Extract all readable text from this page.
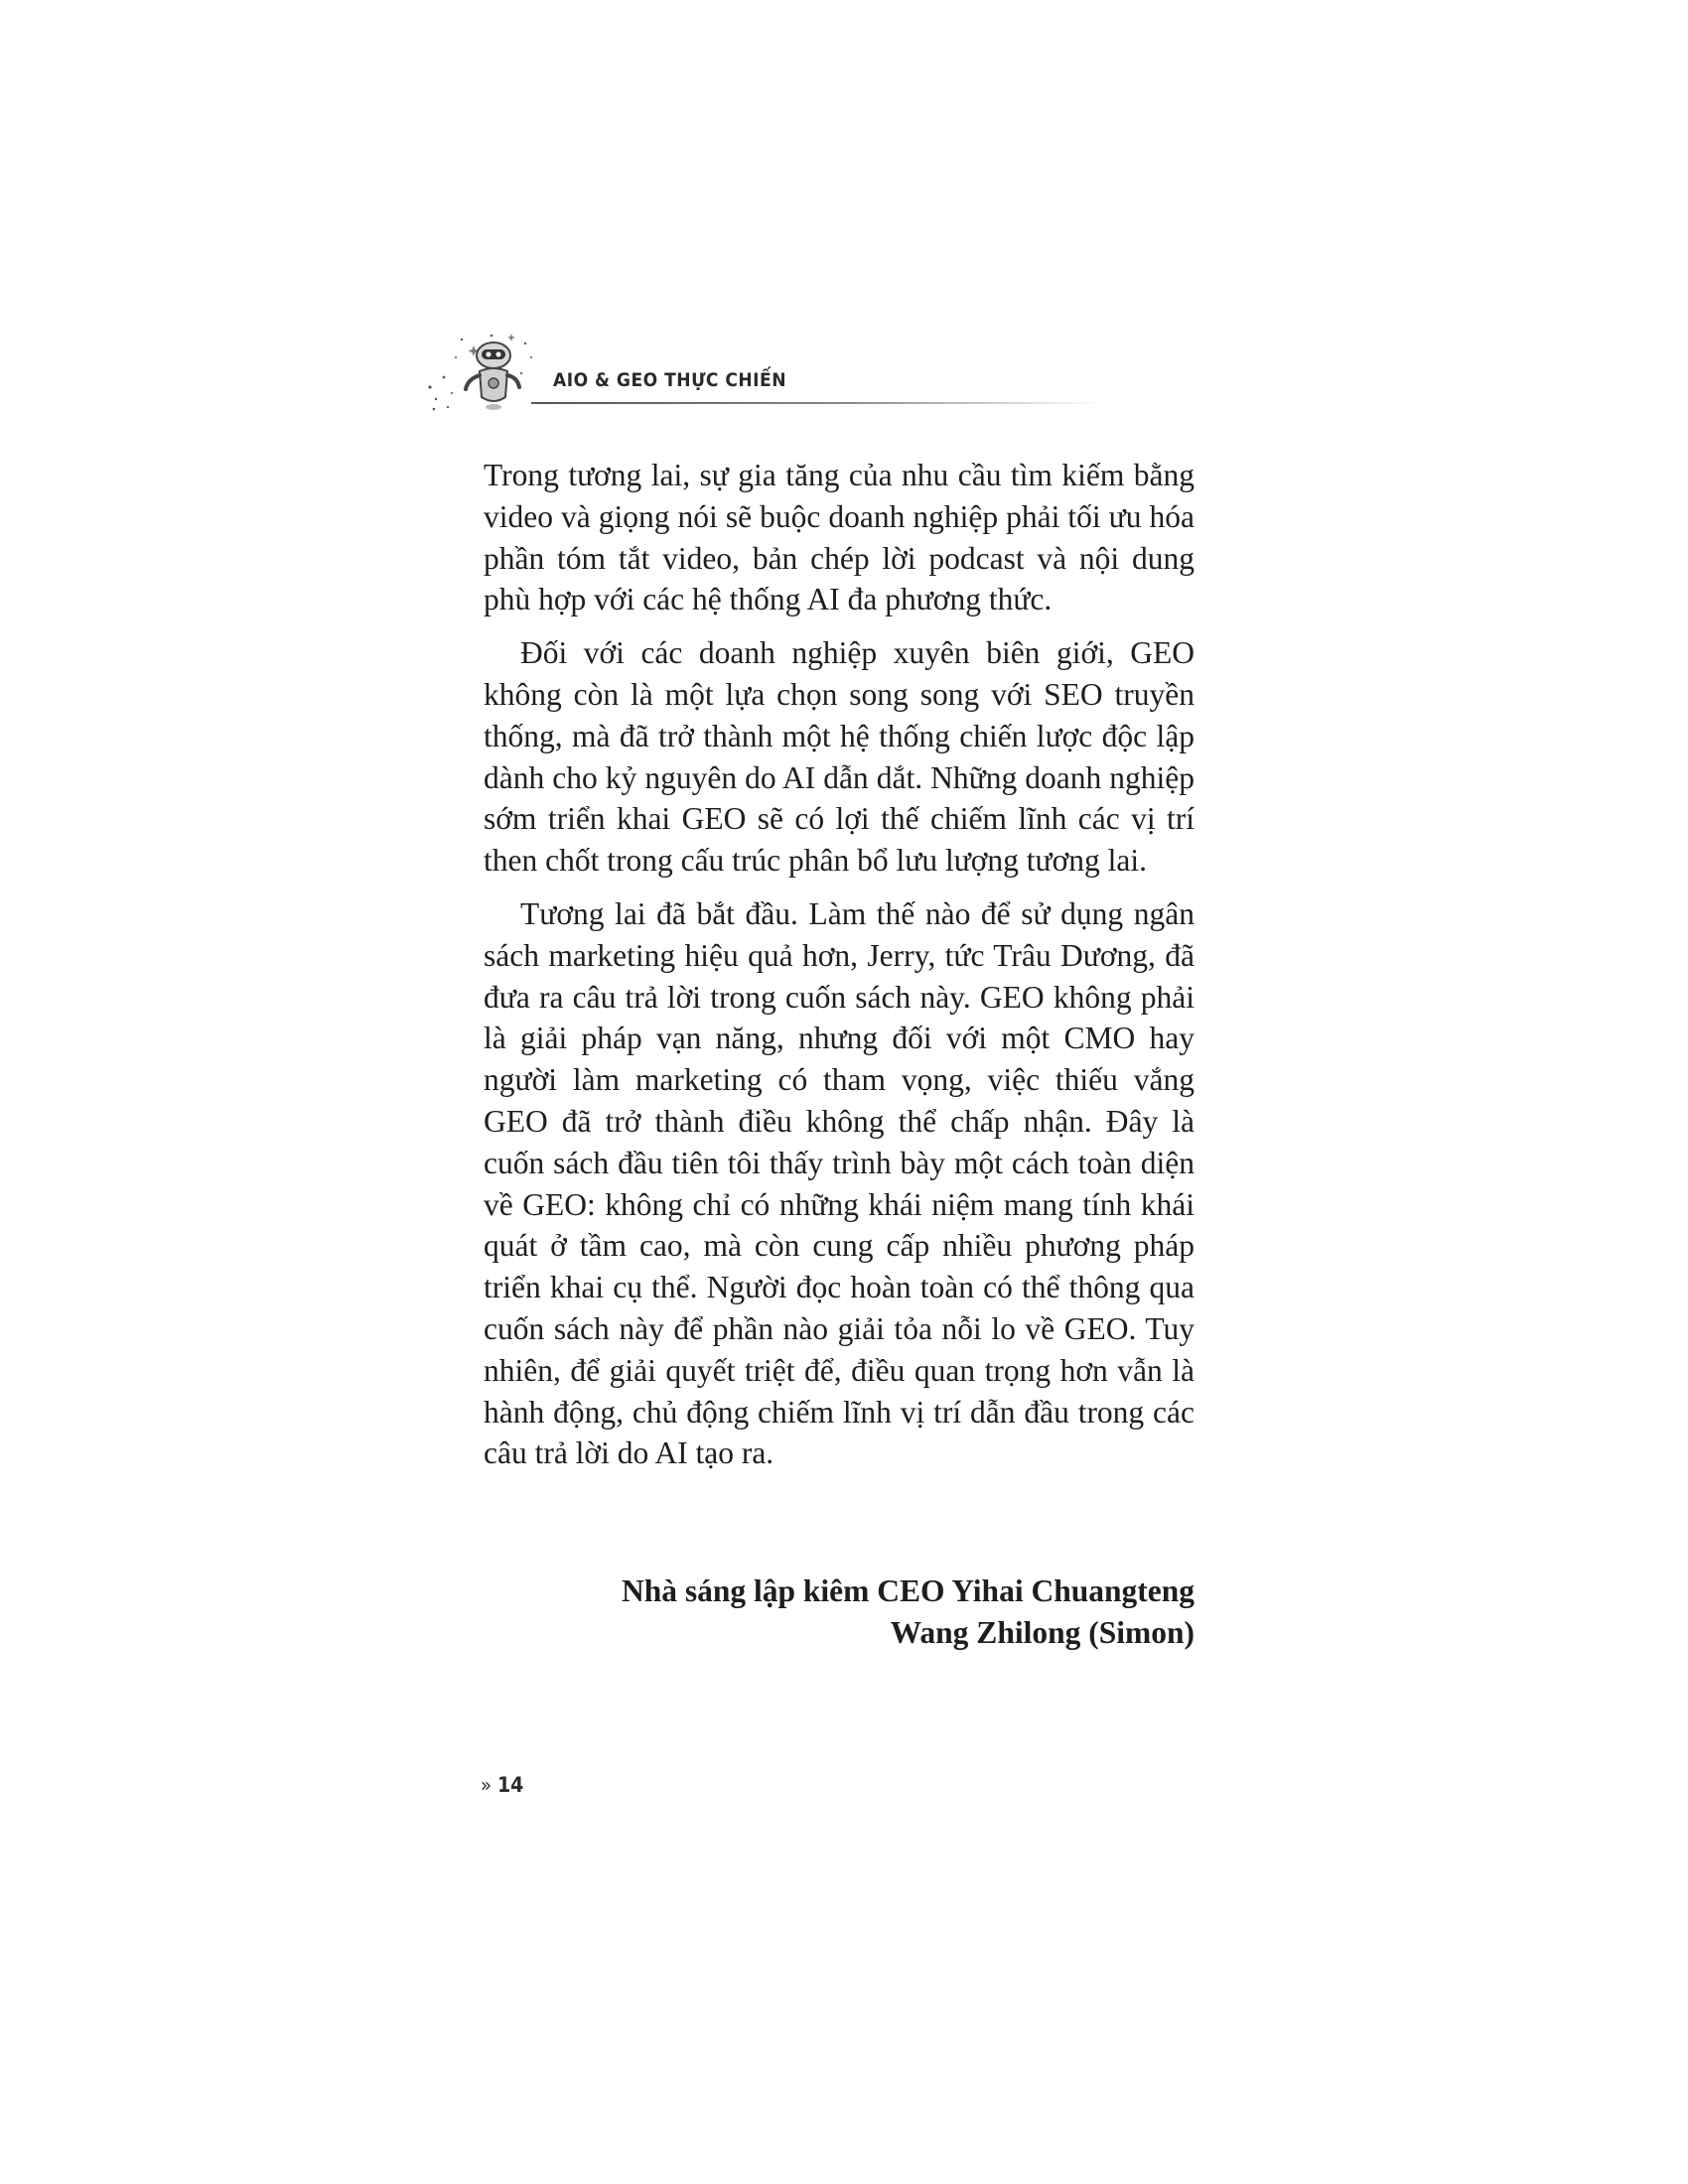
AIO & GEO THỰC CHIẾN

Trong tương lai, sự gia tăng của nhu cầu tìm kiếm bằng video và giọng nói sẽ buộc doanh nghiệp phải tối ưu hóa phần tóm tắt video, bản chép lời podcast và nội dung phù hợp với các hệ thống AI đa phương thức.

Đối với các doanh nghiệp xuyên biên giới, GEO không còn là một lựa chọn song song với SEO truyền thống, mà đã trở thành một hệ thống chiến lược độc lập dành cho kỷ nguyên do AI dẫn dắt. Những doanh nghiệp sớm triển khai GEO sẽ có lợi thế chiếm lĩnh các vị trí then chốt trong cấu trúc phân bổ lưu lượng tương lai.

Tương lai đã bắt đầu. Làm thế nào để sử dụng ngân sách marketing hiệu quả hơn, Jerry, tức Trâu Dương, đã đưa ra câu trả lời trong cuốn sách này. GEO không phải là giải pháp vạn năng, nhưng đối với một CMO hay người làm marketing có tham vọng, việc thiếu vắng GEO đã trở thành điều không thể chấp nhận. Đây là cuốn sách đầu tiên tôi thấy trình bày một cách toàn diện về GEO: không chỉ có những khái niệm mang tính khái quát ở tầm cao, mà còn cung cấp nhiều phương pháp triển khai cụ thể. Người đọc hoàn toàn có thể thông qua cuốn sách này để phần nào giải tỏa nỗi lo về GEO. Tuy nhiên, để giải quyết triệt để, điều quan trọng hơn vẫn là hành động, chủ động chiếm lĩnh vị trí dẫn đầu trong các câu trả lời do AI tạo ra.

Nhà sáng lập kiêm CEO Yihai Chuangteng
Wang Zhilong (Simon)
» 14
